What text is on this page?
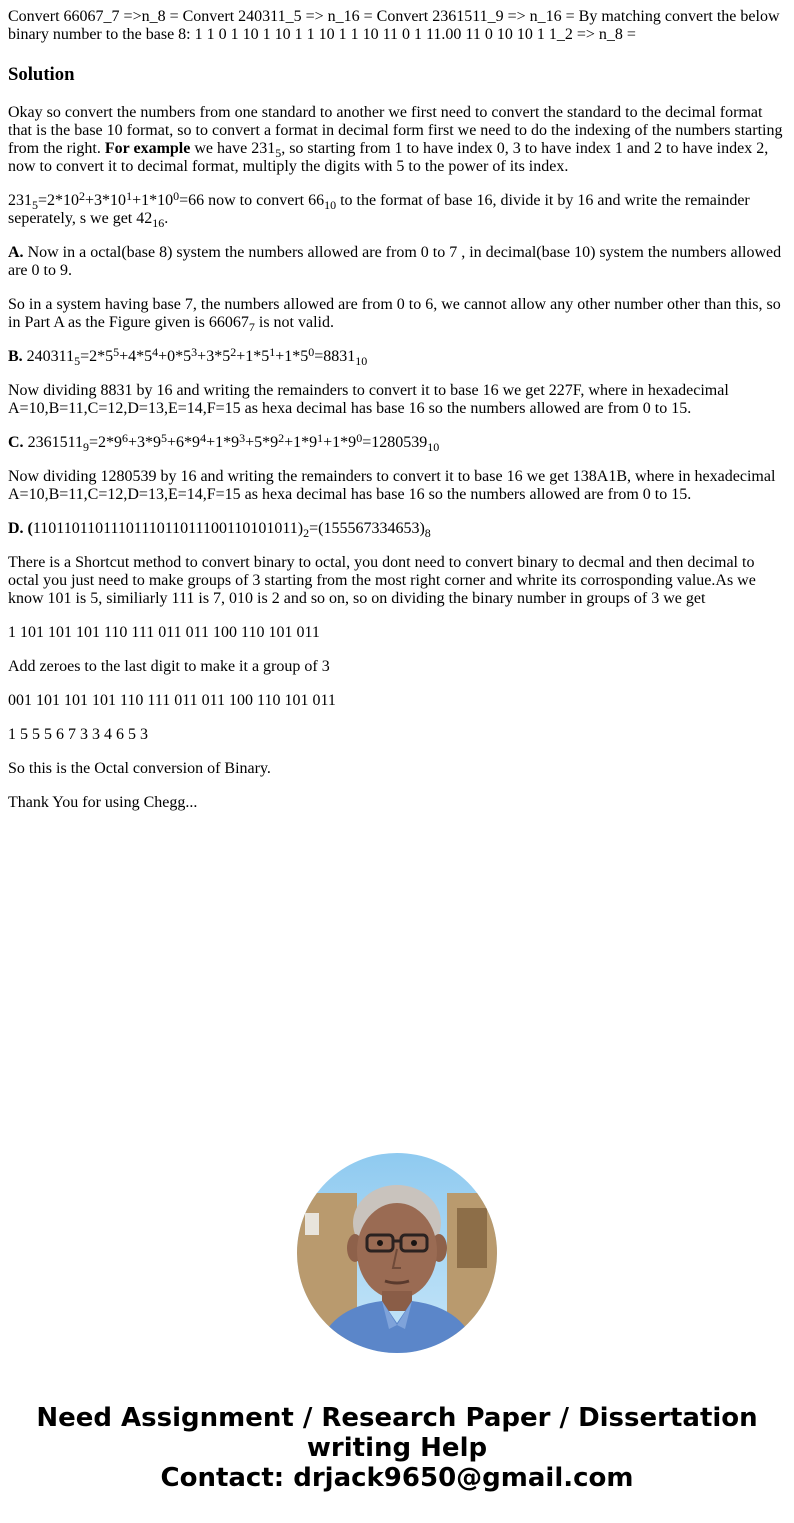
Convert 66067_7 =>n_8 = Convert 240311_5 => n_16 = Convert 2361511_9 => n_16 = By matching convert the below binary number to the base 8: 1 1 0 1 10 1 10 1 1 10 1 1 10 11 0 1 11.00 11 0 10 10 1 1_2 => n_8 =

Solution

Okay so convert the numbers from one standard to another we first need to convert the standard to the decimal format that is the base 10 format, so to convert a format in decimal form first we need to do the indexing of the numbers starting from the right. For example we have $231_5$, so starting from 1 to have index 0, 3 to have index 1 and 2 to have index 2, now to convert it to decimal format, multiply the digits with 5 to the power of its index.

$231_5=2*10^2+3*10^1+1*10^0=66$ now to convert $66_{10}$ to the format of base 16, divide it by 16 and write the remainder seperately, s we get $42_{16}$.

A. Now in a octal(base 8) system the numbers allowed are from 0 to 7 , in decimal(base 10) system the numbers allowed are 0 to 9.

So in a system having base 7, the numbers allowed are from 0 to 6, we cannot allow any other number other than this, so in Part A as the Figure given is $66067_7$ is not valid.

B. $240311_5=2*5^5+4*5^4+0*5^3+3*5^2+1*5^1+1*5^0=8831_{10}$

Now dividing 8831 by 16 and writing the remainders to convert it to base 16 we get 227F, where in hexadecimal A=10,B=11,C=12,D=13,E=14,F=15 as hexa decimal has base 16 so the numbers allowed are from 0 to 15.

C. $2361511_9=2*9^6+3*9^5+6*9^4+1*9^3+5*9^2+1*9^1+1*9^0=1280539_{10}$

Now dividing 1280539 by 16 and writing the remainders to convert it to base 16 we get 138A1B, where in hexadecimal A=10,B=11,C=12,D=13,E=14,F=15 as hexa decimal has base 16 so the numbers allowed are from 0 to 15.

D. $(1101101101110111011011100110101011)_2=(155567334653)_8$

There is a Shortcut method to convert binary to octal, you dont need to convert binary to decmal and then decimal to octal you just need to make groups of 3 starting from the most right corner and whrite its corrosponding value.As we know 101 is 5, similiarly 111 is 7, 010 is 2 and so on, so on dividing the binary number in groups of 3 we get

1 101 101 101 110 111 011 011 100 110 101 011

Add zeroes to the last digit to make it a group of 3

001 101 101 101 110 111 011 011 100 110 101 011

1 5 5 5 6 7 3 3 4 6 5 3

So this is the Octal conversion of Binary.

Thank You for using Chegg...

Need Assignment / Research Paper / Dissertation
writing Help
Contact: drjack9650@gmail.com
